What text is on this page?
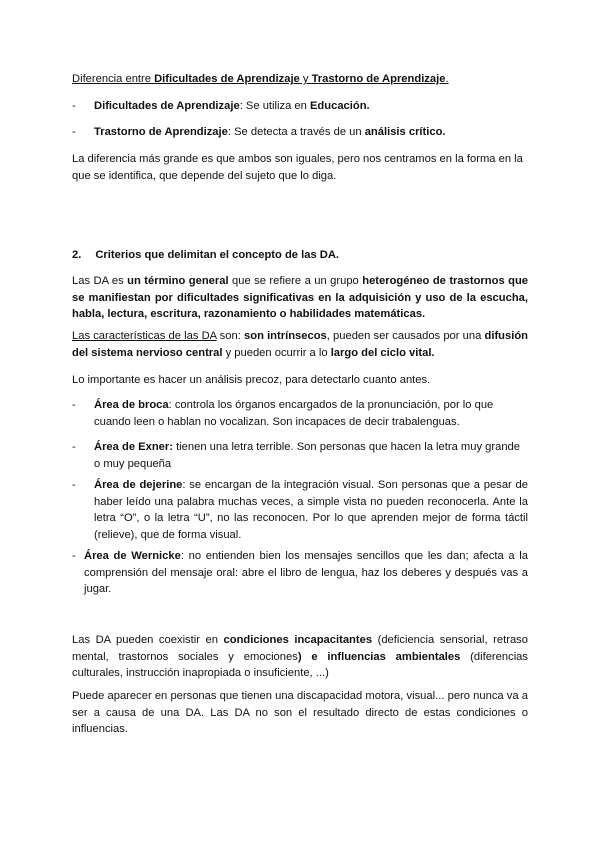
Diferencia entre Dificultades de Aprendizaje y Trastorno de Aprendizaje.

- Dificultades de Aprendizaje: Se utiliza en Educación.

- Trastorno de Aprendizaje: Se detecta a través de un análisis crítico.

La diferencia más grande es que ambos son iguales, pero nos centramos en la forma en la que se identifica, que depende del sujeto que lo diga.

2. Criterios que delimitan el concepto de las DA.

Las DA es un término general que se refiere a un grupo heterogéneo de trastornos que se manifiestan por dificultades significativas en la adquisición y uso de la escucha, habla, lectura, escritura, razonamiento o habilidades matemáticas.

Las características de las DA son: son intrínsecos, pueden ser causados por una difusión del sistema nervioso central y pueden ocurrir a lo largo del ciclo vital.

Lo importante es hacer un análisis precoz, para detectarlo cuanto antes.

- Área de broca: controla los órganos encargados de la pronunciación, por lo que cuando leen o hablan no vocalizan. Son incapaces de decir trabalenguas.

- Área de Exner: tienen una letra terrible. Son personas que hacen la letra muy grande o muy pequeña

- Área de dejerine: se encargan de la integración visual. Son personas que a pesar de haber leído una palabra muchas veces, a simple vista no pueden reconocerla. Ante la letra “O”, o la letra “U”, no las reconocen. Por lo que aprenden mejor de forma táctil (relieve), que de forma visual.

- Área de Wernicke: no entienden bien los mensajes sencillos que les dan; afecta a la comprensión del mensaje oral: abre el libro de lengua, haz los deberes y después vas a jugar.

Las DA pueden coexistir en condiciones incapacitantes (deficiencia sensorial, retraso mental, trastornos sociales y emociones) e influencias ambientales (diferencias culturales, instrucción inapropiada o insuficiente, ...)

Puede aparecer en personas que tienen una discapacidad motora, visual... pero nunca va a ser a causa de una DA. Las DA no son el resultado directo de estas condiciones o influencias.
